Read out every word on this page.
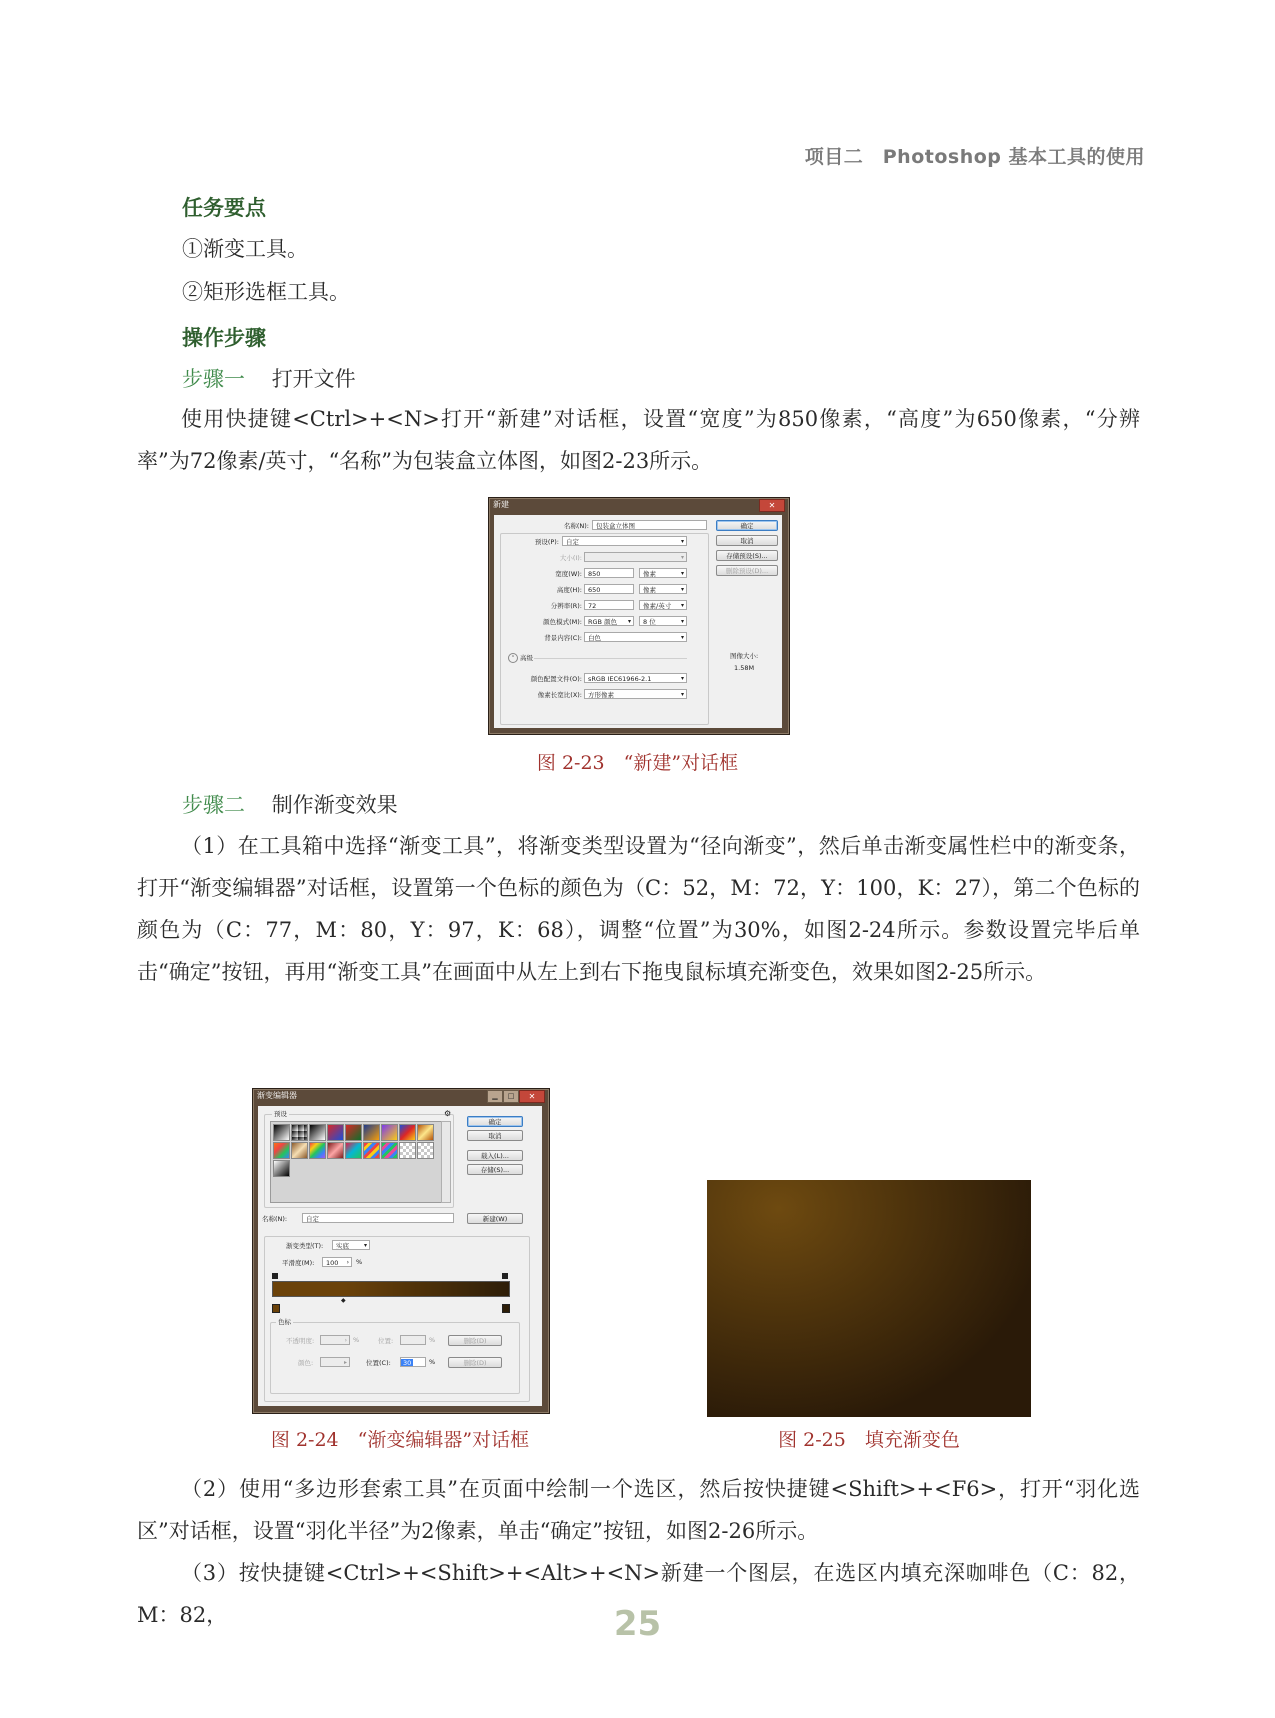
项目二　Photoshop 基本工具的使用
任务要点
①渐变工具。
②矩形选框工具。
操作步骤
步骤一 打开文件
使用快捷键<Ctrl>+<N>打开“新建”对话框，设置“宽度”为850像素，“高度”为650像素，“分辨率”为72像素/英寸，“名称”为包装盒立体图，如图2-23所示。
新建	✕
名称(N):	包装盒立体图
预设(P):	自定	▾
大小(I):	▾
宽度(W): 850	像素	▾
高度(H): 650	像素	▾
分辨率(R): 72	像素/英寸 ▾
颜色模式(M): RGB 颜色 ▾	8 位	▾
背景内容(C): 白色	▾
⌃ 高级
颜色配置文件(O): sRGB IEC61966-2.1	▾
像素长宽比(X): 方形像素	▾
确定
取消
存储预设(S)...
删除预设(D)...
图像大小:
1.58M
图 2-23　“新建”对话框
步骤二 制作渐变效果
（1）在工具箱中选择“渐变工具”，将渐变类型设置为“径向渐变”，然后单击渐变属性栏中的渐变条，打开“渐变编辑器”对话框，设置第一个色标的颜色为（C：52，M：72，Y：100，K：27），第二个色标的颜色为（C：77，M：80，Y：97，K：68），调整“位置”为30%，如图2-24所示。参数设置完毕后单击“确定”按钮，再用“渐变工具”在画面中从左上到右下拖曳鼠标填充渐变色，效果如图2-25所示。
渐变编辑器	▁	□	✕
预设	⚙
确定
取消
载入(L)...
存储(S)...
名称(N):	自定	新建(W)
渐变类型(T):	实底 ▾
平滑度(M):	100 › %
◆
色标
不透明度:	› %	位置:	%	删除(D)
颜色:	▸	位置(C):	30	%	删除(D)
图 2-24　“渐变编辑器”对话框	图 2-25　填充渐变色
（2）使用“多边形套索工具”在页面中绘制一个选区，然后按快捷键<Shift>+<F6>，打开“羽化选区”对话框，设置“羽化半径”为2像素，单击“确定”按钮，如图2-26所示。
（3）按快捷键<Ctrl>+<Shift>+<Alt>+<N>新建一个图层，在选区内填充深咖啡色（C：82，M：82，	25
